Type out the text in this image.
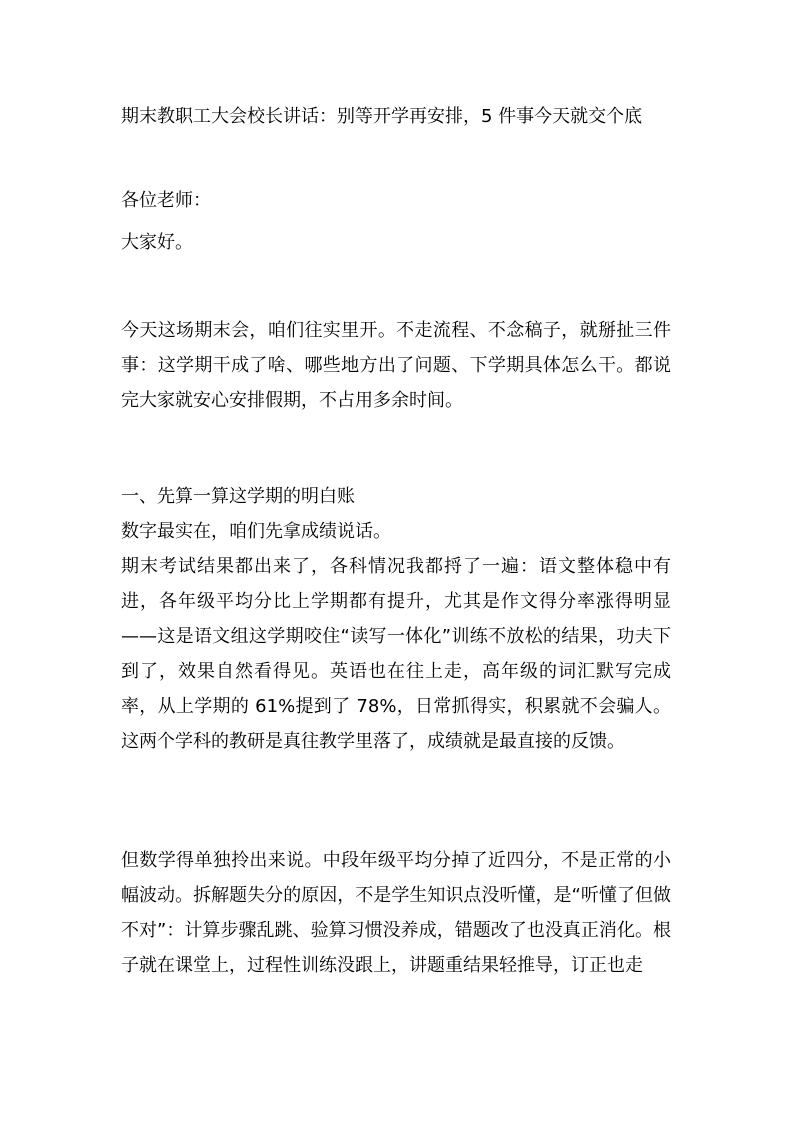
期末教职工大会校长讲话：别等开学再安排，5 件事今天就交个底
各位老师：
大家好。
今天这场期末会，咱们往实里开。不走流程、不念稿子，就掰扯三件事：这学期干成了啥、哪些地方出了问题、下学期具体怎么干。都说完大家就安心安排假期，不占用多余时间。
一、先算一算这学期的明白账
数字最实在，咱们先拿成绩说话。
期末考试结果都出来了，各科情况我都捋了一遍：语文整体稳中有进，各年级平均分比上学期都有提升，尤其是作文得分率涨得明显——这是语文组这学期咬住“读写一体化”训练不放松的结果，功夫下到了，效果自然看得见。英语也在往上走，高年级的词汇默写完成率，从上学期的 61%提到了 78%，日常抓得实，积累就不会骗人。这两个学科的教研是真往教学里落了，成绩就是最直接的反馈。
但数学得单独拎出来说。中段年级平均分掉了近四分，不是正常的小幅波动。拆解题失分的原因，不是学生知识点没听懂，是“听懂了但做不对”：计算步骤乱跳、验算习惯没养成，错题改了也没真正消化。根子就在课堂上，过程性训练没跟上，讲题重结果轻推导，订正也走
